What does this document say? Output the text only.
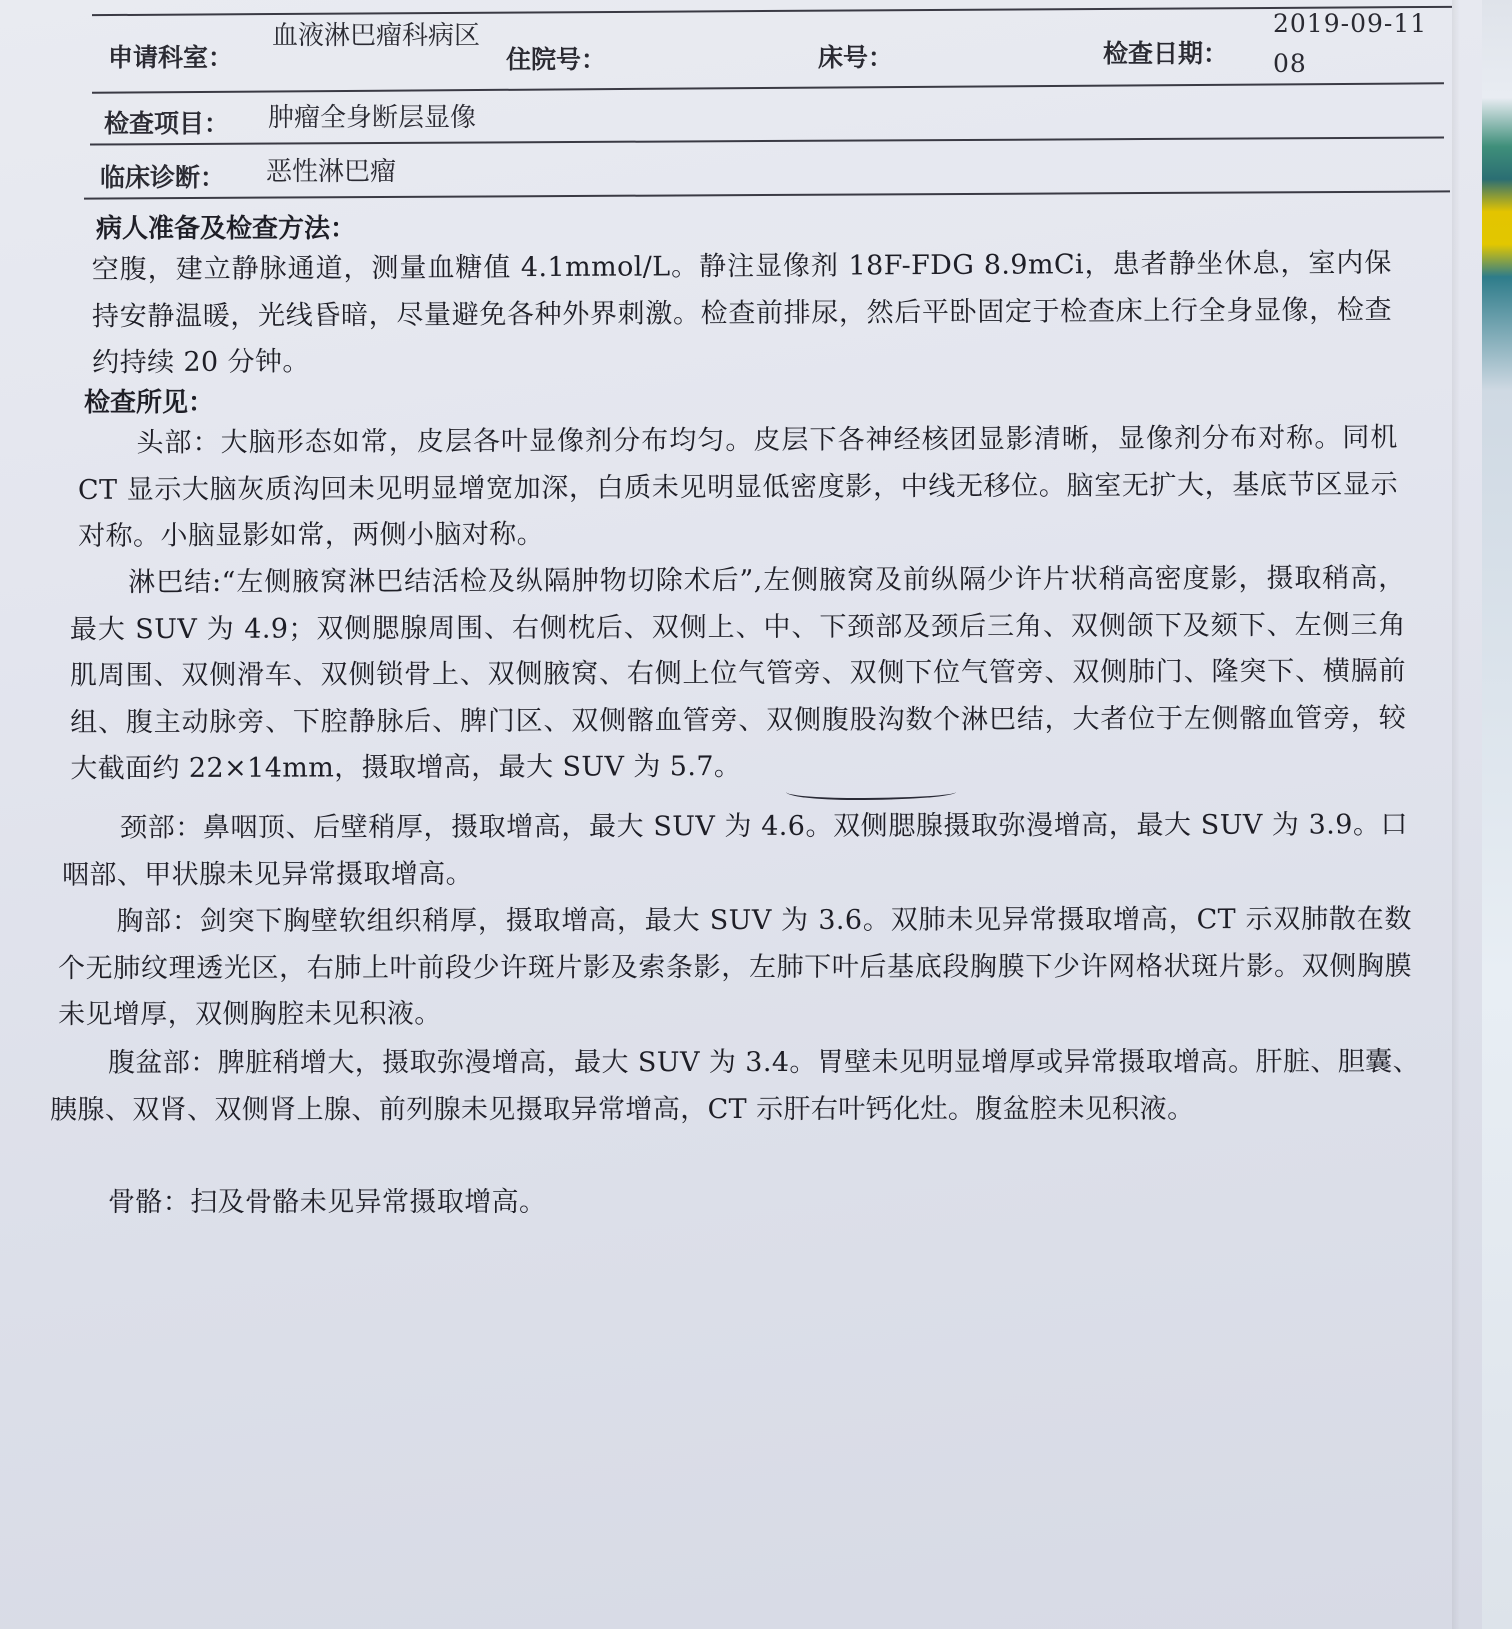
申请科室：
血液淋巴瘤科病区
住院号：	床号：	检查日期：
2019-09-11
08
检查项目： 肿瘤全身断层显像
临床诊断： 恶性淋巴瘤
病人准备及检查方法：
空腹，建立静脉通道，测量血糖值 4.1mmol/L。静注显像剂 18F-FDG 8.9mCi，患者静坐休息，室内保持安静温暖，光线昏暗，尽量避免各种外界刺激。检查前排尿，然后平卧固定于检查床上行全身显像，检查约持续 20 分钟。
检查所见：
头部：大脑形态如常，皮层各叶显像剂分布均匀。皮层下各神经核团显影清晰，显像剂分布对称。同机 CT 显示大脑灰质沟回未见明显增宽加深，白质未见明显低密度影，中线无移位。脑室无扩大，基底节区显示对称。小脑显影如常，两侧小脑对称。
淋巴结:“左侧腋窝淋巴结活检及纵隔肿物切除术后”,左侧腋窝及前纵隔少许片状稍高密度影，摄取稍高，最大 SUV 为 4.9；双侧腮腺周围、右侧枕后、双侧上、中、下颈部及颈后三角、双侧颌下及颏下、左侧三角肌周围、双侧滑车、双侧锁骨上、双侧腋窝、右侧上位气管旁、双侧下位气管旁、双侧肺门、隆突下、横膈前组、腹主动脉旁、下腔静脉后、脾门区、双侧髂血管旁、双侧腹股沟数个淋巴结，大者位于左侧髂血管旁，较大截面约 22×14mm，摄取增高，最大 SUV 为 5.7。
颈部：鼻咽顶、后壁稍厚，摄取增高，最大 SUV 为 4.6。双侧腮腺摄取弥漫增高，最大 SUV 为 3.9。口咽部、甲状腺未见异常摄取增高。
胸部：剑突下胸壁软组织稍厚，摄取增高，最大 SUV 为 3.6。双肺未见异常摄取增高，CT 示双肺散在数个无肺纹理透光区，右肺上叶前段少许斑片影及索条影，左肺下叶后基底段胸膜下少许网格状斑片影。双侧胸膜未见增厚，双侧胸腔未见积液。
腹盆部：脾脏稍增大，摄取弥漫增高，最大 SUV 为 3.4。胃壁未见明显增厚或异常摄取增高。肝脏、胆囊、胰腺、双肾、双侧肾上腺、前列腺未见摄取异常增高，CT 示肝右叶钙化灶。腹盆腔未见积液。
骨骼：扫及骨骼未见异常摄取增高。
